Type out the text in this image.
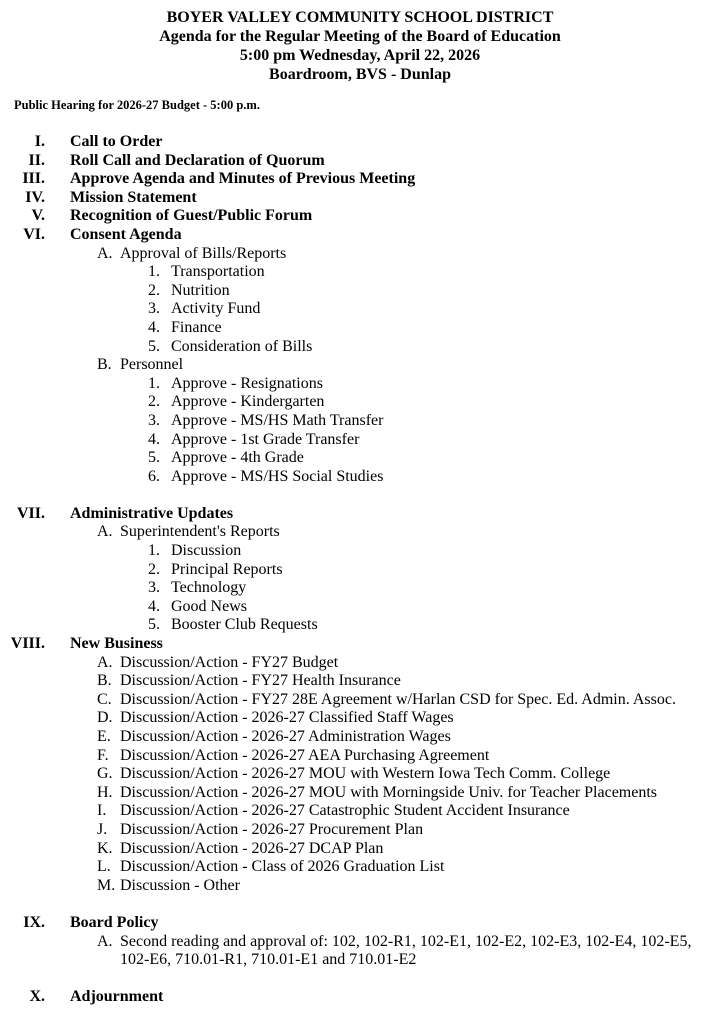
BOYER VALLEY COMMUNITY SCHOOL DISTRICT
Agenda for the Regular Meeting of the Board of Education
5:00 pm Wednesday, April 22, 2026
Boardroom, BVS - Dunlap
Public Hearing for 2026-27 Budget - 5:00 p.m.
I. Call to Order
II. Roll Call and Declaration of Quorum
III. Approve Agenda and Minutes of Previous Meeting
IV. Mission Statement
V. Recognition of Guest/Public Forum
VI. Consent Agenda
A. Approval of Bills/Reports
1. Transportation
2. Nutrition
3. Activity Fund
4. Finance
5. Consideration of Bills
B. Personnel
1. Approve - Resignations
2. Approve - Kindergarten
3. Approve - MS/HS Math Transfer
4. Approve - 1st Grade Transfer
5. Approve - 4th Grade
6. Approve - MS/HS Social Studies
VII. Administrative Updates
A. Superintendent's Reports
1. Discussion
2. Principal Reports
3. Technology
4. Good News
5. Booster Club Requests
VIII. New Business
A. Discussion/Action - FY27 Budget
B. Discussion/Action - FY27 Health Insurance
C. Discussion/Action - FY27 28E Agreement w/Harlan CSD for Spec. Ed. Admin. Assoc.
D. Discussion/Action - 2026-27 Classified Staff Wages
E. Discussion/Action - 2026-27 Administration Wages
F. Discussion/Action - 2026-27 AEA Purchasing Agreement
G. Discussion/Action - 2026-27 MOU with Western Iowa Tech Comm. College
H. Discussion/Action - 2026-27 MOU with Morningside Univ. for Teacher Placements
I. Discussion/Action - 2026-27 Catastrophic Student Accident Insurance
J. Discussion/Action - 2026-27 Procurement Plan
K. Discussion/Action - 2026-27 DCAP Plan
L. Discussion/Action - Class of 2026 Graduation List
M. Discussion - Other
IX. Board Policy
A. Second reading and approval of: 102, 102-R1, 102-E1, 102-E2, 102-E3, 102-E4, 102-E5, 102-E6, 710.01-R1, 710.01-E1 and 710.01-E2
X. Adjournment
